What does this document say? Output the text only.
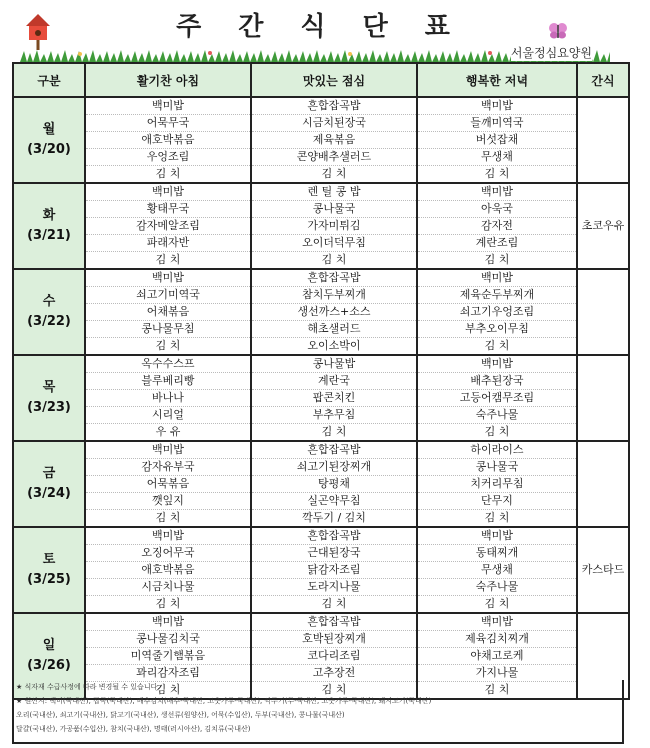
주 간 식 단 표
서울정심요양원
구분	활기찬 아침	맛있는 점심	행복한 저녁	간식

월
(3/20)	백미밥	흔합잡곡밥	백미밥	
	어묵무국	시금치된장국	들깨미역국	
	애호박볶음	제육볶음	버섯잡채	
	우엉조림	콘양배추샐러드	무생채	
	김 치	김 치	김 치	

화
(3/21)	백미밥	렌 틸 콩 밥	백미밥	초코우유
	황태무국	콩나물국	아욱국	
	감자메알조림	가자미튀김	감자전	
	파래자반	오이더덕무침	계란조림	
	김 치	김 치	김 치	

수
(3/22)	백미밥	흔합잡곡밥	백미밥	
	쇠고기미역국	참치두부찌개	제육순두부찌개	
	어채볶음	생선까스+소스	쇠고기우엉조림	
	콩나물무침	해초샐러드	부추오이무침	
	김 치	오이소박이	김 치	

목
(3/23)	옥수수스프	콩나물밥	백미밥	
	블루베리빵	계란국	배추된장국	
	바나나	팝콘치킨	고등어캠무조림	
	시리얼	부추무침	숙주나물	
	우 유	김 치	김 치	

금
(3/24)	백미밥	흔합잡곡밥	하이라이스	
	감자유부국	쇠고기된장찌개	콩나물국	
	어묵볶음	탕평채	치커리무침	
	깻잎지	실곤약무침	단무지	
	김 치	깍두기 / 김치	김 치	

토
(3/25)	백미밥	흔합잡곡밥	백미밥	카스타드
	오징어무국	근대된장국	동태찌개	
	애호박볶음	닭감자조림	무생채	
	시금치나물	도라지나물	숙주나물	
	김 치	김 치	김 치	

일
(3/26)	백미밥	흔합잡곡밥	백미밥	
	콩나물김치국	호박된장찌개	제육김치찌개	
	미역줄기햄볶음	코다리조림	야채고로케	
	꽈리감자조림	고추장전	가지나물	
	김 치	김 치	김 치	
★ 식자재 수급사정에 따라 변경될 수 있습니다.
★ 원산지: 백미(국내산), 잡곡(국내산), 배추김치(배추-국내산, 고춧가루-국내산), 깍두기(무-국내산, 고춧가루-국내산), 돼지고기(국내산)
오리(국내산), 쇠고기(국내산), 닭고기(국내산), 생선류(원양산), 어묵(수입산), 두부(국내산), 콩나물(국내산)
달걀(국내산), 가공품(수입산), 참치(국내산), 명태(러시아산), 김치류(국내산)
